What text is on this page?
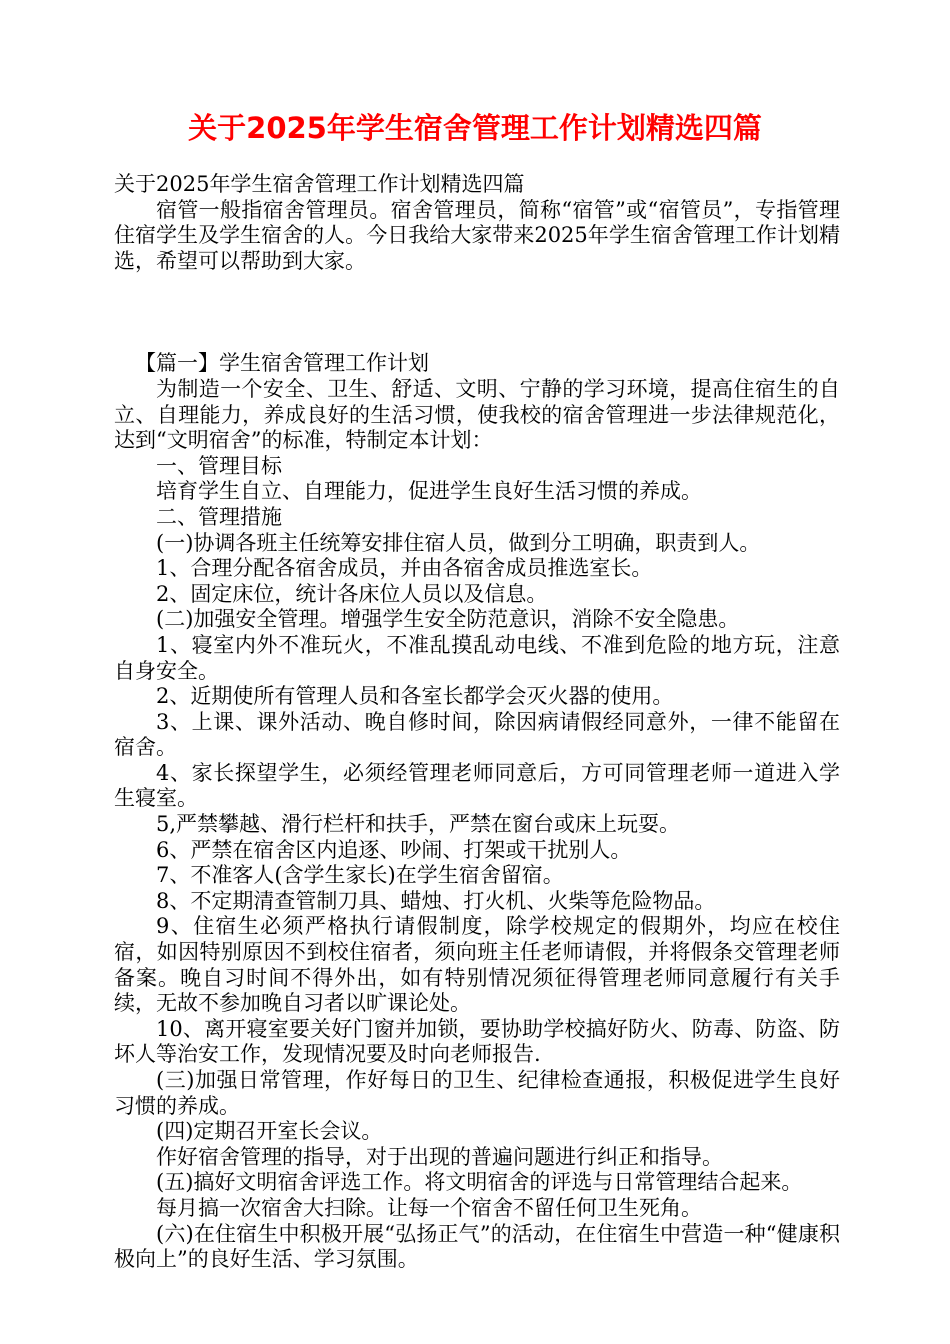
关于2025年学生宿舍管理工作计划精选四篇

关于2025年学生宿舍管理工作计划精选四篇

宿管一般指宿舍管理员。宿舍管理员，简称“宿管”或“宿管员”，专指管理住宿学生及学生宿舍的人。今日我给大家带来2025年学生宿舍管理工作计划精选，希望可以帮助到大家。

【篇一】学生宿舍管理工作计划

为制造一个安全、卫生、舒适、文明、宁静的学习环境，提高住宿生的自立、自理能力，养成良好的生活习惯，使我校的宿舍管理进一步法律规范化，达到“文明宿舍”的标准，特制定本计划：

一、管理目标

培育学生自立、自理能力，促进学生良好生活习惯的养成。

二、管理措施

(一)协调各班主任统筹安排住宿人员，做到分工明确，职责到人。

1、合理分配各宿舍成员，并由各宿舍成员推选室长。

2、固定床位，统计各床位人员以及信息。

(二)加强安全管理。增强学生安全防范意识，消除不安全隐患。

1、寝室内外不准玩火，不准乱摸乱动电线、不准到危险的地方玩，注意自身安全。

2、近期使所有管理人员和各室长都学会灭火器的使用。

3、上课、课外活动、晚自修时间，除因病请假经同意外，一律不能留在宿舍。

4、家长探望学生，必须经管理老师同意后，方可同管理老师一道进入学生寝室。

5,严禁攀越、滑行栏杆和扶手，严禁在窗台或床上玩耍。

6、严禁在宿舍区内追逐、吵闹、打架或干扰别人。

7、不准客人(含学生家长)在学生宿舍留宿。

8、不定期清查管制刀具、蜡烛、打火机、火柴等危险物品。

9、住宿生必须严格执行请假制度，除学校规定的假期外，均应在校住宿，如因特别原因不到校住宿者，须向班主任老师请假，并将假条交管理老师备案。晚自习时间不得外出，如有特别情况须征得管理老师同意履行有关手续，无故不参加晚自习者以旷课论处。

10、离开寝室要关好门窗并加锁，要协助学校搞好防火、防毒、防盗、防坏人等治安工作，发现情况要及时向老师报告.

(三)加强日常管理，作好每日的卫生、纪律检查通报，积极促进学生良好习惯的养成。

(四)定期召开室长会议。

作好宿舍管理的指导，对于出现的普遍问题进行纠正和指导。

(五)搞好文明宿舍评选工作。将文明宿舍的评选与日常管理结合起来。

每月搞一次宿舍大扫除。让每一个宿舍不留任何卫生死角。

(六)在住宿生中积极开展“弘扬正气”的活动，在住宿生中营造一种“健康积极向上”的良好生活、学习氛围。
